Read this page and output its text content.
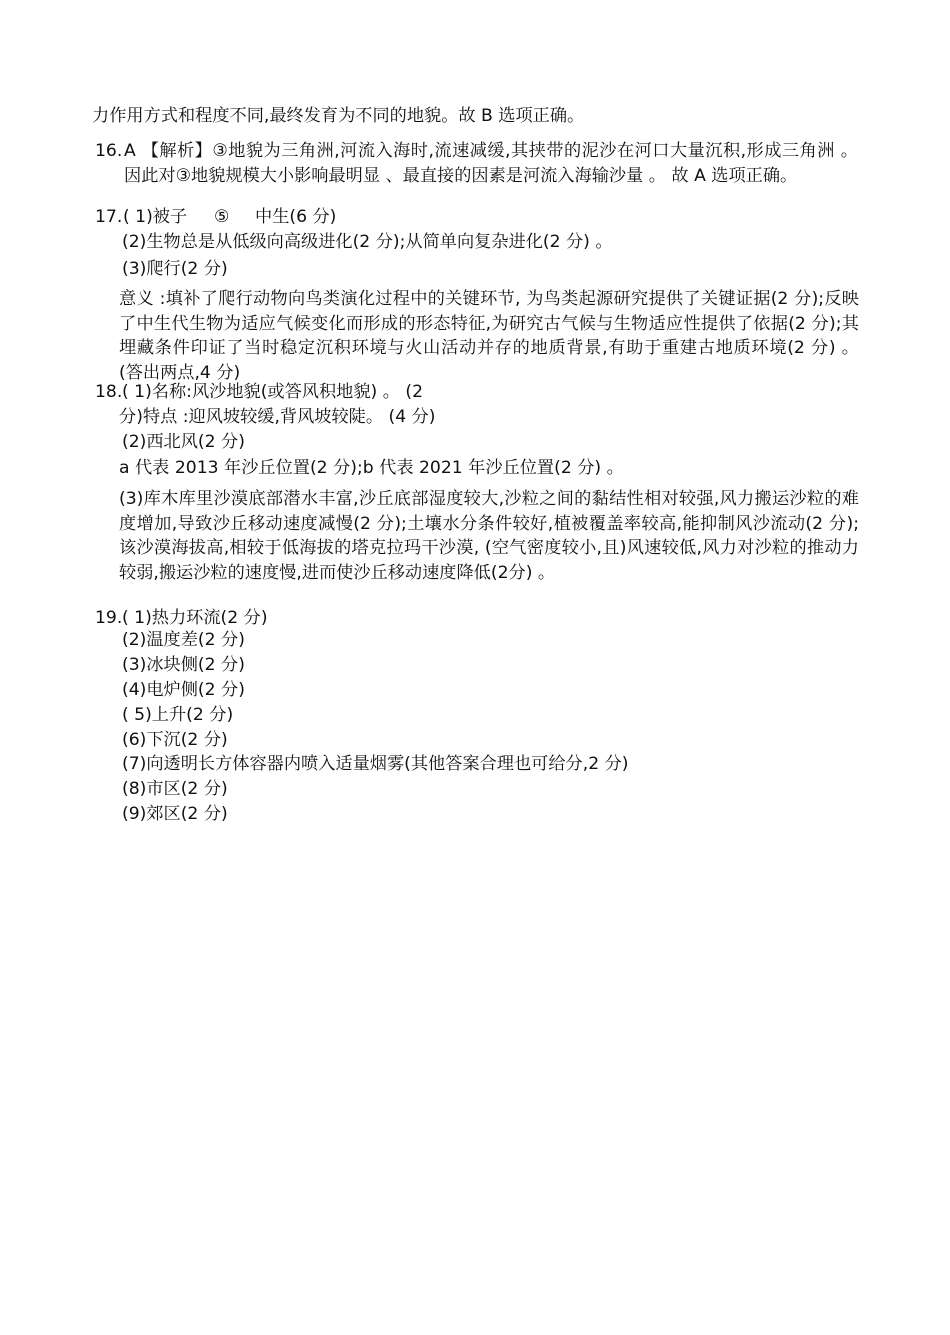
力作用方式和程度不同,最终发育为不同的地貌。故 B 选项正确。
16. A 【解析】③地貌为三角洲,河流入海时,流速减缓,其挟带的泥沙在河口大量沉积,形成三角洲 。 因此对③地貌规模大小影响最明显 、最直接的因素是河流入海输沙量 。 故 A 选项正确。
17. ( 1)被子 ⑤ 中生(6 分)
(2)生物总是从低级向高级进化(2 分);从简单向复杂进化(2 分) 。
(3)爬行(2 分)
意义 :填补了爬行动物向鸟类演化过程中的关键环节, 为鸟类起源研究提供了关键证据(2 分);反映了中生代生物为适应气候变化而形成的形态特征,为研究古气候与生物适应性提供了依据(2 分);其埋藏条件印证了当时稳定沉积环境与火山活动并存的地质背景,有助于重建古地质环境(2 分) 。 (答出两点,4 分)
18. ( 1)名称:风沙地貌(或答风积地貌) 。 (2
分)特点 :迎风坡较缓,背风坡较陡。 (4 分)
(2)西北风(2 分)
a 代表 2013 年沙丘位置(2 分);b 代表 2021 年沙丘位置(2 分) 。
(3)库木库里沙漠底部潜水丰富,沙丘底部湿度较大,沙粒之间的黏结性相对较强,风力搬运沙粒的难度增加,导致沙丘移动速度减慢(2 分);土壤水分条件较好,植被覆盖率较高,能抑制风沙流动(2 分);该沙漠海拔高,相较于低海拔的塔克拉玛干沙漠, (空气密度较小,且)风速较低,风力对沙粒的推动力较弱,搬运沙粒的速度慢,进而使沙丘移动速度降低(2分) 。
19. ( 1)热力环流(2 分)
(2)温度差(2 分)
(3)冰块侧(2 分)
(4)电炉侧(2 分)
( 5)上升(2 分)
(6)下沉(2 分)
(7)向透明长方体容器内喷入适量烟雾(其他答案合理也可给分,2 分)
(8)市区(2 分)
(9)郊区(2 分)
